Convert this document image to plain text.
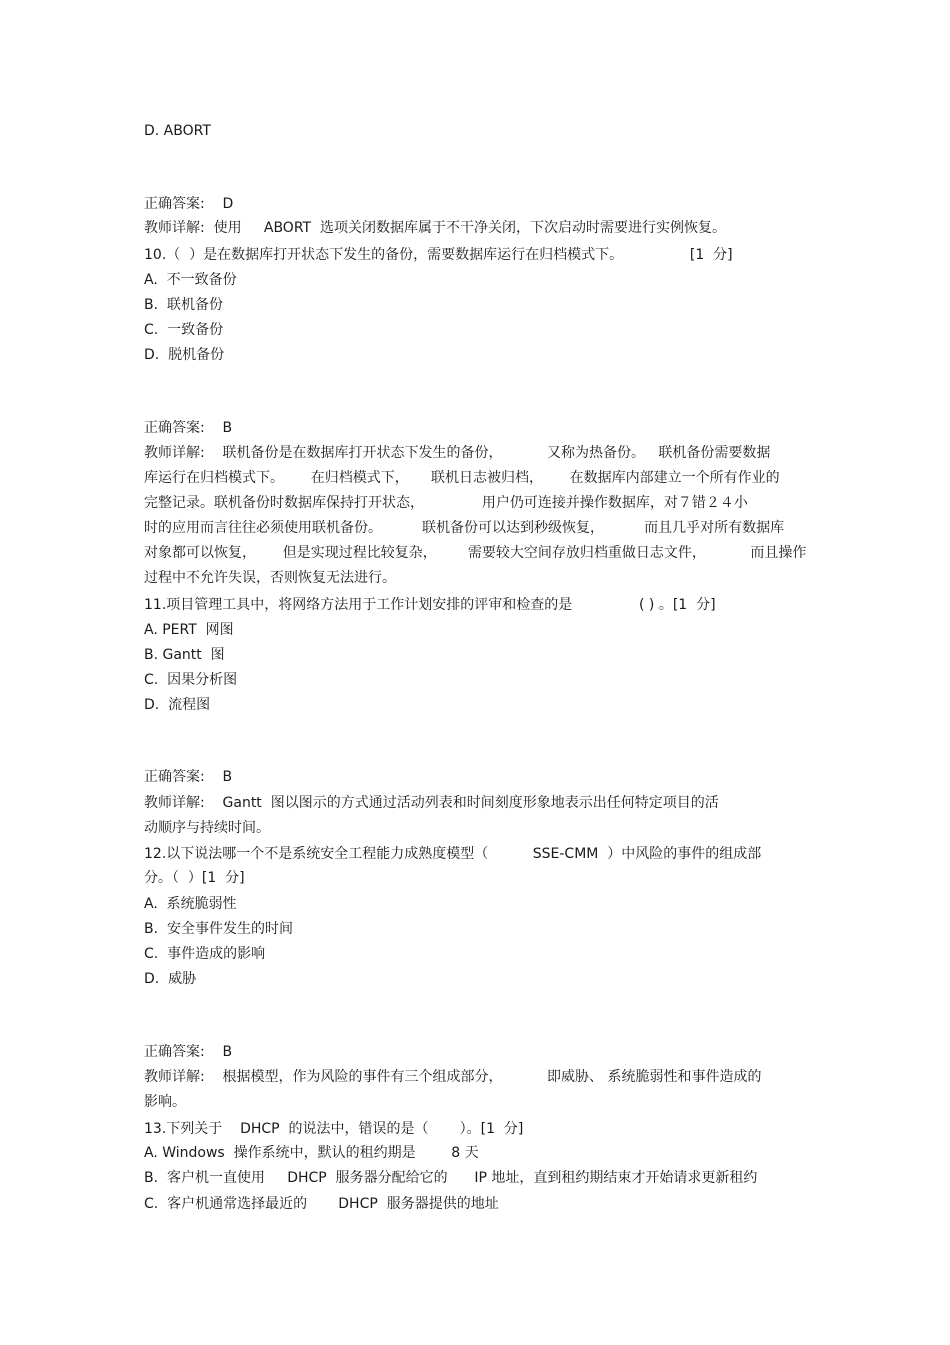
D. ABORT
正确答案:    D
教师详解:  使用     ABORT  选项关闭数据库属于不干净关闭，下次启动时需要进行实例恢复。
10.（  ）是在数据库打开状态下发生的备份，需要数据库运行在归档模式下。               [1  分]
A.  不一致备份
B.  联机备份
C.  一致备份
D.  脱机备份
正确答案:    B
教师详解:    联机备份是在数据库打开状态下发生的备份，          又称为热备份。   联机备份需要数据
库运行在归档模式下。      在归档模式下，     联机日志被归档，      在数据库内部建立一个所有作业的
完整记录。联机备份时数据库保持打开状态，             用户仍可连接并操作数据库，对７错２４小
时的应用而言往往必须使用联机备份。         联机备份可以达到秒级恢复，         而且几乎对所有数据库
对象都可以恢复，      但是实现过程比较复杂，       需要较大空间存放归档重做日志文件，          而且操作
过程中不允许失误，否则恢复无法进行。
11.项目管理工具中，将网络方法用于工作计划安排的评审和检查的是               ( ) 。[1  分]
A. PERT  网图
B. Gantt  图
C.  因果分析图
D.  流程图
正确答案:    B
教师详解:    Gantt  图以图示的方式通过活动列表和时间刻度形象地表示出任何特定项目的活
动顺序与持续时间。
12.以下说法哪一个不是系统安全工程能力成熟度模型（          SSE-CMM  ）中风险的事件的组成部
分。（  ）[1  分]
A.  系统脆弱性
B.  安全事件发生的时间
C.  事件造成的影响
D.  威胁
正确答案:    B
教师详解:    根据模型，作为风险的事件有三个组成部分，          即威胁、 系统脆弱性和事件造成的
影响。
13.下列关于    DHCP  的说法中，错误的是（       ）。[1  分]
A. Windows  操作系统中，默认的租约期是        8 天
B.  客户机一直使用     DHCP  服务器分配给它的      IP 地址，直到租约期结束才开始请求更新租约
C.  客户机通常选择最近的       DHCP  服务器提供的地址
